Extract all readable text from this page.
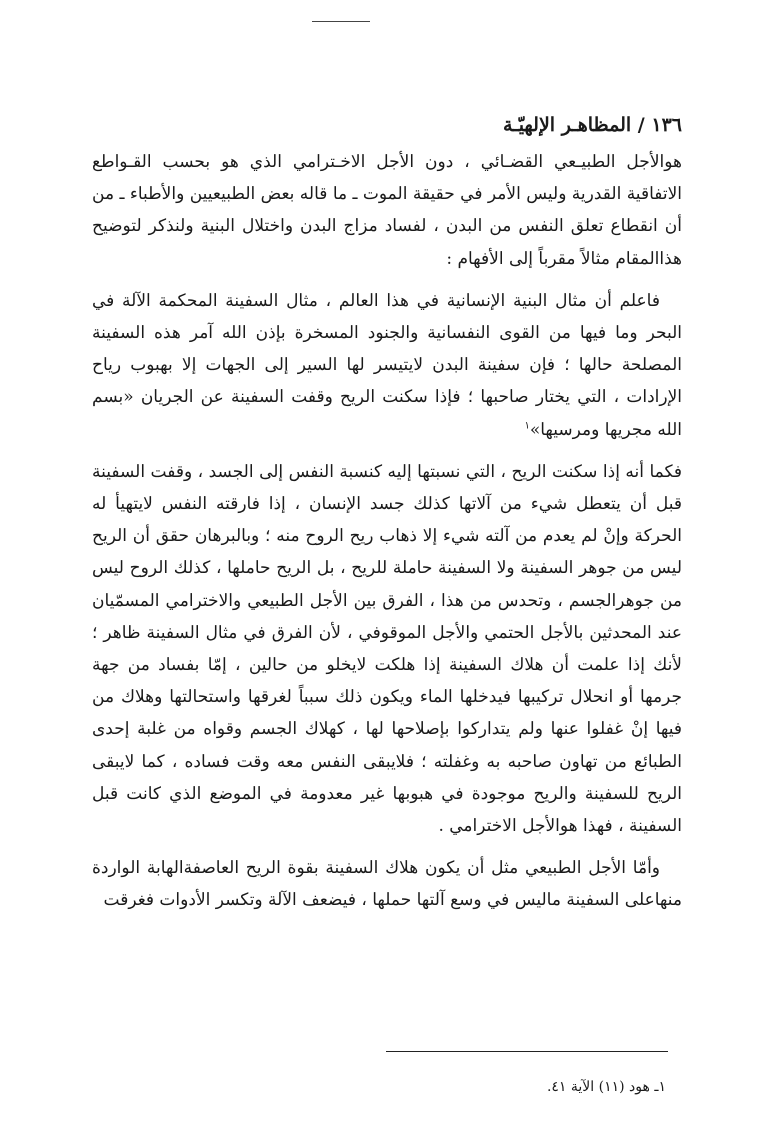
١٣٦ / المظاهـر الإلهيّـة

هوالأجل الطبيـعي القضـائي ، دون الأجل الاخـترامي الذي هو بحسب القـواطع الاتفاقية القدرية وليس الأمر في حقيقة الموت ـ ما قاله بعض الطبيعيين والأطباء ـ من أن انقطاع تعلق النفس من البدن ، لفساد مزاج البدن واختلال البنية ولنذكر لتوضيح هذاالمقام مثالاً مقرباً إلى الأفهام :

فاعلم أن مثال البنية الإنسانية في هذا العالم ، مثال السفينة المحكمة الآلة في البحر وما فيها من القوى النفسانية والجنود المسخرة بإذن الله آمر هذه السفينة المصلحة حالها ؛ فإن سفينة البدن لايتيسر لها السير إلى الجهات إلا بهبوب رياح الإرادات ، التي يختار صاحبها ؛ فإذا سكنت الريح وقفت السفينة عن الجريان «بسم الله مجريها ومرسيها»$^١$

فكما أنه إذا سكنت الريح ، التي نسبتها إليه كنسبة النفس إلى الجسد ، وقفت السفينة قبل أن يتعطل شيء من آلاتها كذلك جسد الإنسان ، إذا فارقته النفس لايتهيأ له الحركة وإنْ لم يعدم من آلته شيء إلا ذهاب ريح الروح منه ؛ وبالبرهان حقق أن الريح ليس من جوهر السفينة ولا السفينة حاملة للريح ، بل الريح حاملها ، كذلك الروح ليس من جوهرالجسم ، وتحدس من هذا ، الفرق بين الأجل الطبيعي والاخترامي المسمّيان عند المحدثين بالأجل الحتمي والأجل الموقوفي ، لأن الفرق في مثال السفينة ظاهر ؛ لأنك إذا علمت أن هلاك السفينة إذا هلكت لايخلو من حالين ، إمّا بفساد من جهة جرمها أو انحلال تركيبها فيدخلها الماء ويكون ذلك سبباً لغرقها واستحالتها وهلاك من فيها إنْ غفلوا عنها ولم يتداركوا بإصلاحها لها ، كهلاك الجسم وقواه من غلبة إحدى الطبائع من تهاون صاحبه به وغفلته ؛ فلايبقى النفس معه وقت فساده ، كما لايبقى الريح للسفينة والريح موجودة في هبوبها غير معدومة في الموضع الذي كانت قبل السفينة ، فهذا هوالأجل الاخترامي .

وأمّا الأجل الطبيعي مثل أن يكون هلاك السفينة بقوة الريح العاصفةالهابة الواردة منهاعلى السفينة ماليس في وسع آلتها حملها ، فيضعف الآلة وتكسر الأدوات فغرقت

١ـ هود (١١) الآية ٤١.
